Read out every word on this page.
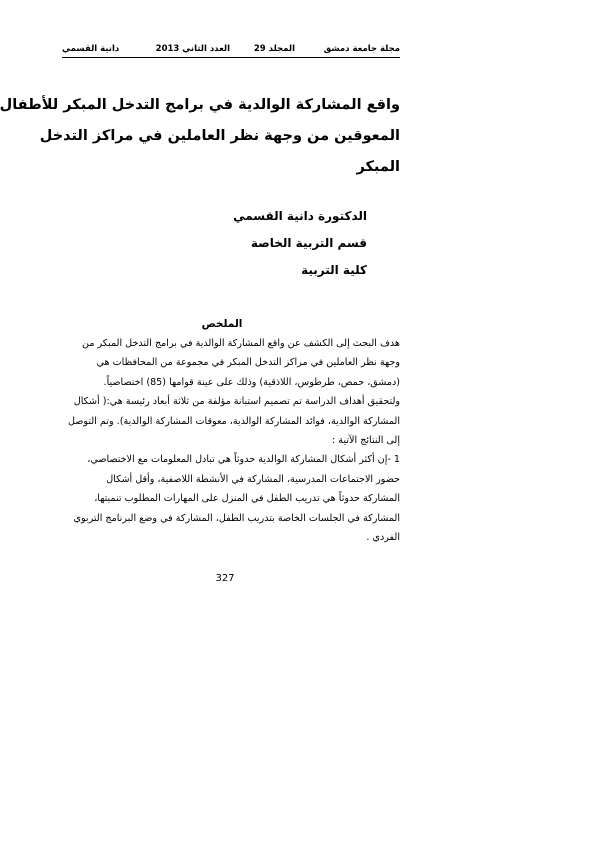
مجلة جامعة دمشق
المجلد 29
العدد الثاني 2013
دانية القسمي
واقع المشاركة الوالدية في برامج التدخل المبكر للأطفال
المعوقين من وجهة نظر العاملين في مراكز التدخل
المبكر
الدكتورة دانية القسمي
قسم التربية الخاصة
كلية التربية
الملخص
هدف البحث إلى الكشف عن واقع المشاركة الوالدية في برامج التدخل المبكر من
وجهة نظر العاملين في مراكز التدخل المبكر في مجموعة من المحافظات هي
(دمشق، حمص، طرطوس، اللاذقية) وذلك على عينة قوامها (85) اختصاصياً.
ولتحقيق أهداف الدراسة تم تصميم استبانة مؤلفة من ثلاثة أبعاد رئيسة هي:( أشكال
المشاركة الوالدية، فوائد المشاركة الوالدية، معوقات المشاركة الوالدية). وتم التوصل
إلى النتائج الآتية :
1 -إن أكثر أشكال المشاركة الوالدية حدوثاً هي تبادل المعلومات مع الاختصاصي،
حضور الاجتماعات المدرسية، المشاركة في الأنشطة اللاصفية، وأقل أشكال
المشاركة حدوثاً هي تدريب الطفل في المنزل على المهارات المطلوب تنميتها،
المشاركة في الجلسات الخاصة بتدريب الطفل، المشاركة في وضع البرنامج التربوي
الفردي .
327
